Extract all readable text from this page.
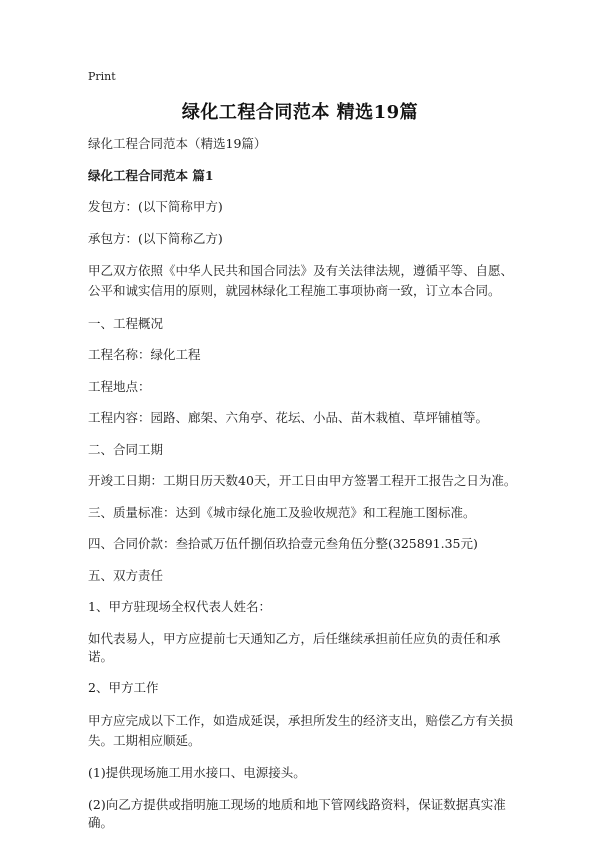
Print
绿化工程合同范本 精选19篇

绿化工程合同范本（精选19篇）

绿化工程合同范本 篇1

发包方：(以下简称甲方)

承包方：(以下简称乙方)

甲乙双方依照《中华人民共和国合同法》及有关法律法规，遵循平等、自愿、公平和诚实信用的原则，就园林绿化工程施工事项协商一致，订立本合同。

一、工程概况

工程名称：绿化工程

工程地点：

工程内容：园路、廊架、六角亭、花坛、小品、苗木栽植、草坪铺植等。

二、合同工期

开竣工日期：工期日历天数40天，开工日由甲方签署工程开工报告之日为准。

三、质量标准：达到《城市绿化施工及验收规范》和工程施工图标准。

四、合同价款：叁拾贰万伍仟捌佰玖拾壹元叁角伍分整(325891.35元)

五、双方责任

1、甲方驻现场全权代表人姓名：

如代表易人，甲方应提前七天通知乙方，后任继续承担前任应负的责任和承诺。

2、甲方工作

甲方应完成以下工作，如造成延误，承担所发生的经济支出，赔偿乙方有关损失。工期相应顺延。

(1)提供现场施工用水接口、电源接头。

(2)向乙方提供或指明施工现场的地质和地下管网线路资料，保证数据真实准确。
